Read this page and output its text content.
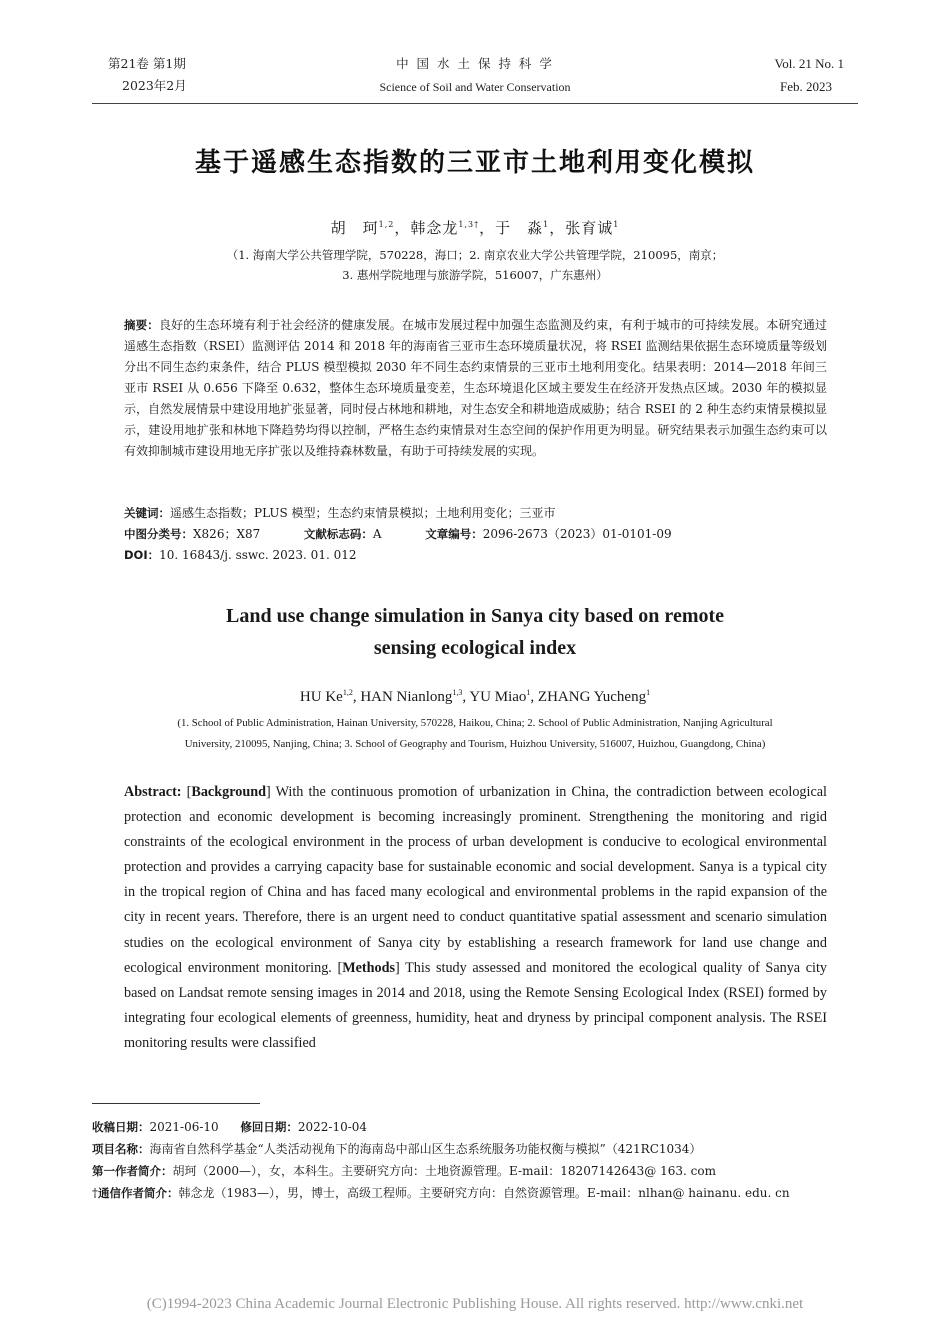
第21卷 第1期
2023年2月
中 国 水 土 保 持 科 学
Science of Soil and Water Conservation
Vol. 21 No. 1
Feb. 2023
基于遥感生态指数的三亚市土地利用变化模拟
胡　珂$^{1,2}$，韩念龙$^{1,3\dagger}$，于　淼$^1$，张育诚$^1$
（1. 海南大学公共管理学院，570228，海口；2. 南京农业大学公共管理学院，210095，南京；
3. 惠州学院地理与旅游学院，516007，广东惠州）
摘要：良好的生态环境有利于社会经济的健康发展。在城市发展过程中加强生态监测及约束，有利于城市的可持续发展。本研究通过遥感生态指数（RSEI）监测评估 2014 和 2018 年的海南省三亚市生态环境质量状况，将 RSEI 监测结果依据生态环境质量等级划分出不同生态约束条件，结合 PLUS 模型模拟 2030 年不同生态约束情景的三亚市土地利用变化。结果表明：2014—2018 年间三亚市 RSEI 从 0.656 下降至 0.632，整体生态环境质量变差，生态环境退化区域主要发生在经济开发热点区域。2030 年的模拟显示，自然发展情景中建设用地扩张显著，同时侵占林地和耕地，对生态安全和耕地造成威胁；结合 RSEI 的 2 种生态约束情景模拟显示，建设用地扩张和林地下降趋势均得以控制，严格生态约束情景对生态空间的保护作用更为明显。研究结果表示加强生态约束可以有效抑制城市建设用地无序扩张以及维持森林数量，有助于可持续发展的实现。
关键词：遥感生态指数；PLUS 模型；生态约束情景模拟；土地利用变化；三亚市
中图分类号：X826；X87	文献标志码：A	文章编号：2096-2673（2023）01-0101-09
DOI：10. 16843/j. sswc. 2023. 01. 012
Land use change simulation in Sanya city based on remote
sensing ecological index
HU Ke$^{1,2}$, HAN Nianlong$^{1,3}$, YU Miao$^1$, ZHANG Yucheng$^1$
(1. School of Public Administration, Hainan University, 570228, Haikou, China; 2. School of Public Administration, Nanjing Agricultural
University, 210095, Nanjing, China; 3. School of Geography and Tourism, Huizhou University, 516007, Huizhou, Guangdong, China)
Abstract: [Background] With the continuous promotion of urbanization in China, the contradiction between ecological protection and economic development is becoming increasingly prominent. Strengthening the monitoring and rigid constraints of the ecological environment in the process of urban development is conducive to ecological environmental protection and provides a carrying capacity base for sustainable economic and social development. Sanya is a typical city in the tropical region of China and has faced many ecological and environmental problems in the rapid expansion of the city in recent years. Therefore, there is an urgent need to conduct quantitative spatial assessment and scenario simulation studies on the ecological environment of Sanya city by establishing a research framework for land use change and ecological environment monitoring. [Methods] This study assessed and monitored the ecological quality of Sanya city based on Landsat remote sensing images in 2014 and 2018, using the Remote Sensing Ecological Index (RSEI) formed by integrating four ecological elements of greenness, humidity, heat and dryness by principal component analysis. The RSEI monitoring results were classified
收稿日期：2021-06-10 修回日期：2022-10-04
项目名称：海南省自然科学基金“人类活动视角下的海南岛中部山区生态系统服务功能权衡与模拟”（421RC1034）
第一作者简介：胡珂（2000—），女，本科生。主要研究方向：土地资源管理。E-mail：18207142643@ 163. com
†通信作者简介：韩念龙（1983—），男，博士，高级工程师。主要研究方向：自然资源管理。E-mail：nlhan@ hainanu. edu. cn
(C)1994-2023 China Academic Journal Electronic Publishing House. All rights reserved. http://www.cnki.net
